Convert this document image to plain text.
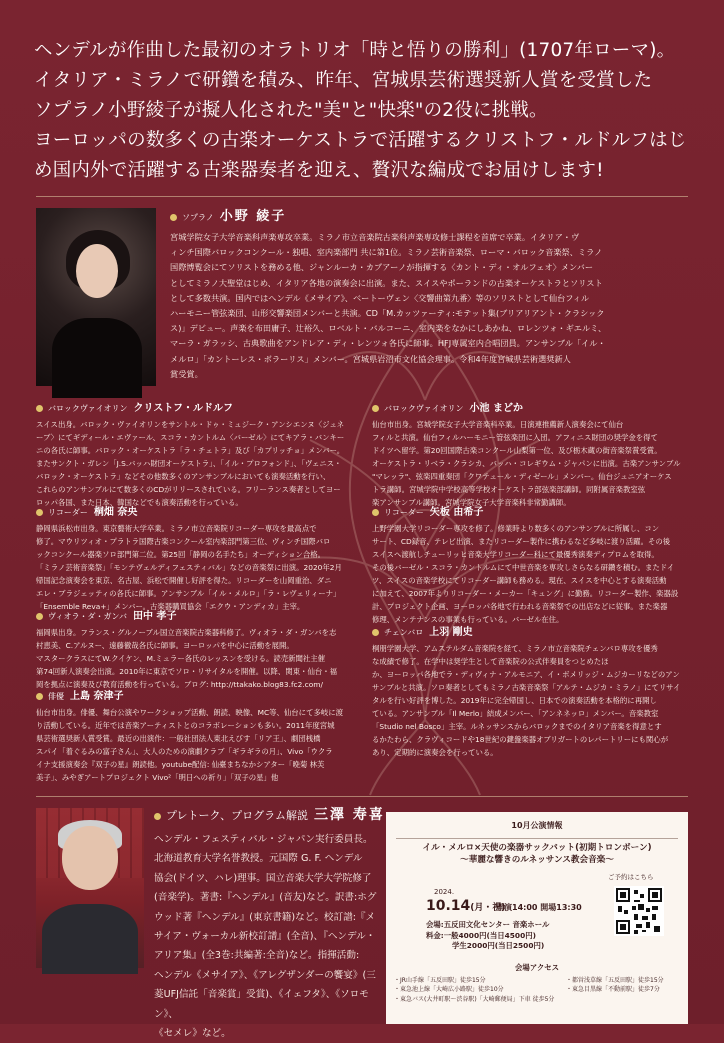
ヘンデルが作曲した最初のオラトリオ「時と悟りの勝利」(1707年ローマ)。

イタリア・ミラノで研鑽を積み、昨年、宮城県芸術選奨新人賞を受賞した

ソプラノ小野綾子が擬人化された"美"と"快楽"の2役に挑戦。

ヨーロッパの数多くの古楽オーケストラで活躍するクリストフ・ルドルフはじ

め国内外で活躍する古楽器奏者を迎え、贅沢な編成でお届けします!

ソプラノ 小野 綾子
宮城学院女子大学音楽科声楽専攻卒業。ミラノ市立音楽院古楽科声楽専攻修士課程を首席で卒業。イタリア・ヴ
ィンチ国際バロックコンクール・独唱、室内楽部門 共に第1位。ミラノ芸術音楽祭、ローマ・バロック音楽祭、ミラノ
国際博覧会にてソリストを務める他、ジャンルーカ・カプアーノが指揮する〈カント・ディ・オルフェオ〉メンバー
としてミラノ大聖堂はじめ、イタリア各地の演奏会に出演。また、スイスやポーランドの古楽オーケストラとソリスト
として多数共演。国内ではヘンデル《メサイア》、ベートーヴェン〈交響曲第九番〉等のソリストとして仙台フィル
ハーモニー管弦楽団、山形交響楽団メンバーと共演。CD「M.カッツァーティ:モテット集(ブリアリアント・クラシック
ス)」デビュー。声楽を布田庸子、辻裕久、ロベルト・バルコーニ、室内楽をなかにしあかね、ロレンツォ・ギエルミ、
マーラ・ガラッシ、古典歌曲をアンドレア・ディ・レンツォ各氏に師事。HFJ専属室内合唱団員。アンサンブル「イル・
メルロ」「カントーレス・ボラーリス」メンバー。宮城県岩沼市文化協会理事。令和4年度宮城県芸術選奨新人
賞受賞。
バロックヴァイオリン クリストフ・ルドルフ
スイス出身。バロック・ヴァイオリンをサントル・ドゥ・ミュジーク・アンシエンヌ〈ジュネ
ーブ〉にてギディール・エヴァール、スコラ・カントルム〈バーゼル〉にてキアラ・バンキー
ニの各氏に師事。バロック・オーケストラ「ラ・チェトラ」及び「カプリッチョ」メンバー。
またサンクト・ガレン「J.S.バッハ財団オーケストラ」、「イル・プロフォンド」、「ヴェニス・
バロック・オーケストラ」などその他数多くのアンサンブルにおいても演奏活動を行い、
これらのアンサンブルにて数多くのCDがリリースされている。フリーランス奏者としてヨー
ロッパ各国、また日本、韓国などでも演奏活動を行っている。
リコーダー 桐畑 奈央
静岡県浜松市出身。東京藝術大学卒業。ミラノ市立音楽院リコーダー専攻を最高点で
修了。マウリツィオ・プラトラ国際古楽コンクール室内楽部門第三位、ヴィンチ国際バロ
ックコンクール器楽ソロ部門第二位。第25回「静岡の名手たち」オーディション合格。
「ミラノ芸術音楽祭」「モンテヴェルディフェスティバル」などの音楽祭に出演。2020年2月
帰国記念演奏会を東京、名古屋、浜松で開催し好評を得た。リコーダーを山岡重治、ダニ
エレ・ブラジェッティの各氏に師事。アンサンブル「イル・メルロ」「ラ・レヴェリィーナ」
「Ensemble Reva+」メンバー。古楽器購買協会「エクウ・アンディカ」主宰。
ヴィオラ・ダ・ガンバ 田中 孝子
福岡県出身。フランス・グルノーブル国立音楽院古楽器科修了。ヴィオラ・ダ・ガンバを志
村恵美、C.アルヌー、遠藤徹哉各氏に師事。ヨーロッパを中心に活動を展開。
マスタークラスにてW.クイケン、M.ミュラー各氏のレッスンを受ける。読売新聞社主催
第74回新人演奏会出演。2010年に東京でソロ・リサイタルを開催。以降、関東・仙台・福
岡を拠点に演奏及び教育活動を行っている。ブログ: http://ttakako.blog83.fc2.com/
俳優 上島 奈津子
仙台市出身。俳優、舞台公演やワークショップ活動、朗読、映像、MC等、仙台にて多岐に渡
り活動している。近年では音楽アーティストとのコラボレーションも多い。2011年度宮城
県芸術選奨新人賞受賞。最近の出演作：一般社団法人東北えびす「リア王」、劇団桟橋
スパイ「着ぐるみの富子さん」、大人のための演劇クラブ「ギラギラの月」、Vivo「ウクラ
イナ支援演奏会『双子の星』朗読他。youtube配信: 仙臺まちなかシアター「晩菊 林芙
美子」、みやぎアートプロジェクト Vivo²「明日への祈り」「双子の星」他
バロックヴァイオリン 小池 まどか
仙台市出身。宮城学院女子大学音楽科卒業。日演連推薦新人演奏会にて仙台
フィルと共演。仙台フィルハーモニー管弦楽団に入団。アフィニス財団の奨学金を得て
ドイツへ留学。第20回国際古楽コンクール山梨第一位、及び栃木蔵の街音楽祭賞受賞。
オーケストラ・リベラ・クラシカ、バッハ・コレギウム・ジャパンに出演。古楽アンサンブル
"マレッラ"、弦楽四重奏団「クワテュール・ディゼール」メンバー。仙台ジュニアオーケス
トラ講師。宮城学院中学校高等学校オーケストラ部弦楽部講師。同附属音楽教室弦
楽アンサンブル講師。宮城学院女子大学音楽科非常勤講師。
リコーダー 矢板 由希子
上野学園大学リコーダー専攻を修了。修業時より数多くのアンサンブルに所属し、コン
サート、CD録音、テレビ出演、またリコーダー製作に携わるなど多岐に渡り活躍。その後
スイスへ渡航しチューリッヒ音楽大学リコーダー科にて最優秀演奏ディプロムを取得。
その後バーゼル・スコラ・カントルムにて中世音楽を専攻しさらなる研鑽を積む。またドイ
ツ、スイスの音楽学校にてリコーダー講師も務める。現在、スイスを中心とする演奏活動
に加えて、2007年よりリコーダー・メーカー「キュング」に勤務。リコーダー製作、楽器設
計、プロジェクト企画、ヨーロッパ各地で行われる音楽祭での出店などに従事。また楽器
修理、メンテナンスの事業も行っている。バーゼル在住。
チェンバロ 上羽 剛史
桐朋学園大学、アムステルダム音楽院を経て、ミラノ市立音楽院チェンバロ専攻を優秀
な成績で修了。在学中は奨学生として音楽院の公式伴奏員をつとめたほ
か、ヨーロッパ各地でラ・ディヴィナ・アルモニア、イ・ボメリッジ・ムジカーリなどのアン
サンブルと共演。ソロ奏者としてもミラノ古楽音楽祭「アルテ・ムジカ・ミラノ」にてリサイ
タルを行い好評を博した。2019年に完全帰国し、日本での演奏活動を本格的に再開し
ている。アンサンブル「Il Merlo」結成メンバー、「アンネネッロ」メンバー。音楽教室
「Studio nel Bosco」主宰。ルネッサンスからバロックまでのイタリア音楽を得意とす
るかたわら、クラヴィコードや18世紀の鍵盤楽器オブリガートのレパートリーにも関心が
あり、定期的に演奏会を行っている。
プレトーク、プログラム解説 三澤 寿喜
ヘンデル・フェスティバル・ジャパン実行委員長。
北海道教育大学名誉教授。元国際 G. F. ヘンデル
協会(ドイツ、ハレ)理事。国立音楽大学大学院修了
(音楽学)。著書:『ヘンデル』(音友)など。訳書:ホグ
ウッド著『ヘンデル』(東京書籍)など。校訂譜:『メ
サイア・ヴォーカル新校訂譜』(全音)、『ヘンデル・
アリア集』(全3巻:共編著:全音)など。指揮活動:
ヘンデル《メサイア》、《アレグザンダーの饗宴》(三
菱UFJ信託「音楽賞」受賞)、《イェフタ》、《ソロモン》、
《セメレ》など。
10月公演情報
イル・メルロ×天使の楽器サックバット(初期トロンボーン)
〜華麗な響きのルネッサンス教会音楽〜
ご予約はこちら
2024.
10.14(月・祝)
開演14:00 開場13:30
会場:五反田文化センター 音楽ホール
料金:一般4000円(当日4500円)
学生2000円(当日2500円)
会場アクセス
・JR山手線「五反田駅」徒歩15分
・東急池上線「大崎広小路駅」徒歩10分
・東急バス(大井町駅〜渋谷駅)「大崎郵便局」下車 徒歩5分
・都営浅草線「五反田駅」徒歩15分
・東急目黒線「不動前駅」徒歩7分
